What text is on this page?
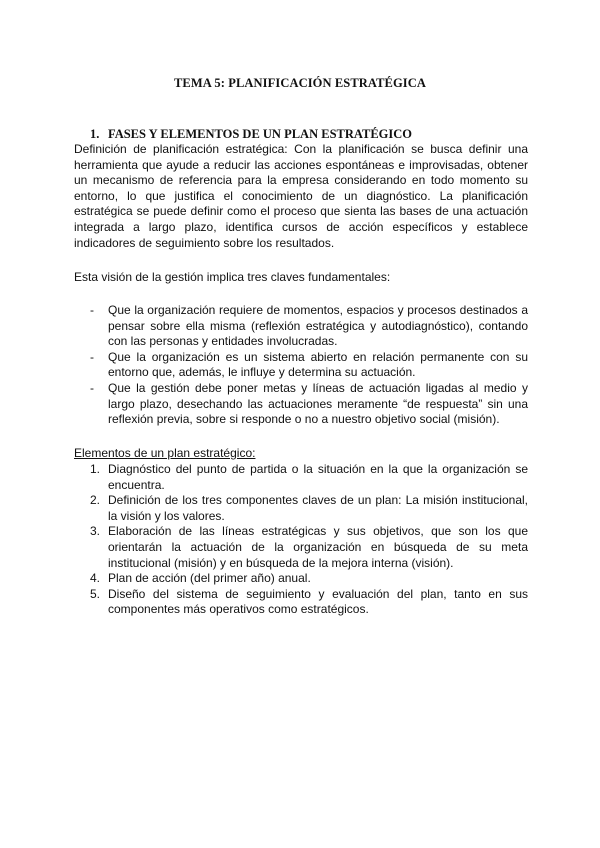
TEMA 5: PLANIFICACIÓN ESTRATÉGICA
1. FASES Y ELEMENTOS DE UN PLAN ESTRATÉGICO
Definición de planificación estratégica: Con la planificación se busca definir una herramienta que ayude a reducir las acciones espontáneas e improvisadas, obtener un mecanismo de referencia para la empresa considerando en todo momento su entorno, lo que justifica el conocimiento de un diagnóstico. La planificación estratégica se puede definir como el proceso que sienta las bases de una actuación integrada a largo plazo, identifica cursos de acción específicos y establece indicadores de seguimiento sobre los resultados.
Esta visión de la gestión implica tres claves fundamentales:
- Que la organización requiere de momentos, espacios y procesos destinados a pensar sobre ella misma (reflexión estratégica y autodiagnóstico), contando con las personas y entidades involucradas.
- Que la organización es un sistema abierto en relación permanente con su entorno que, además, le influye y determina su actuación.
- Que la gestión debe poner metas y líneas de actuación ligadas al medio y largo plazo, desechando las actuaciones meramente “de respuesta” sin una reflexión previa, sobre si responde o no a nuestro objetivo social (misión).
Elementos de un plan estratégico:
1. Diagnóstico del punto de partida o la situación en la que la organización se encuentra.
2. Definición de los tres componentes claves de un plan: La misión institucional, la visión y los valores.
3. Elaboración de las líneas estratégicas y sus objetivos, que son los que orientarán la actuación de la organización en búsqueda de su meta institucional (misión) y en búsqueda de la mejora interna (visión).
4. Plan de acción (del primer año) anual.
5. Diseño del sistema de seguimiento y evaluación del plan, tanto en sus componentes más operativos como estratégicos.
